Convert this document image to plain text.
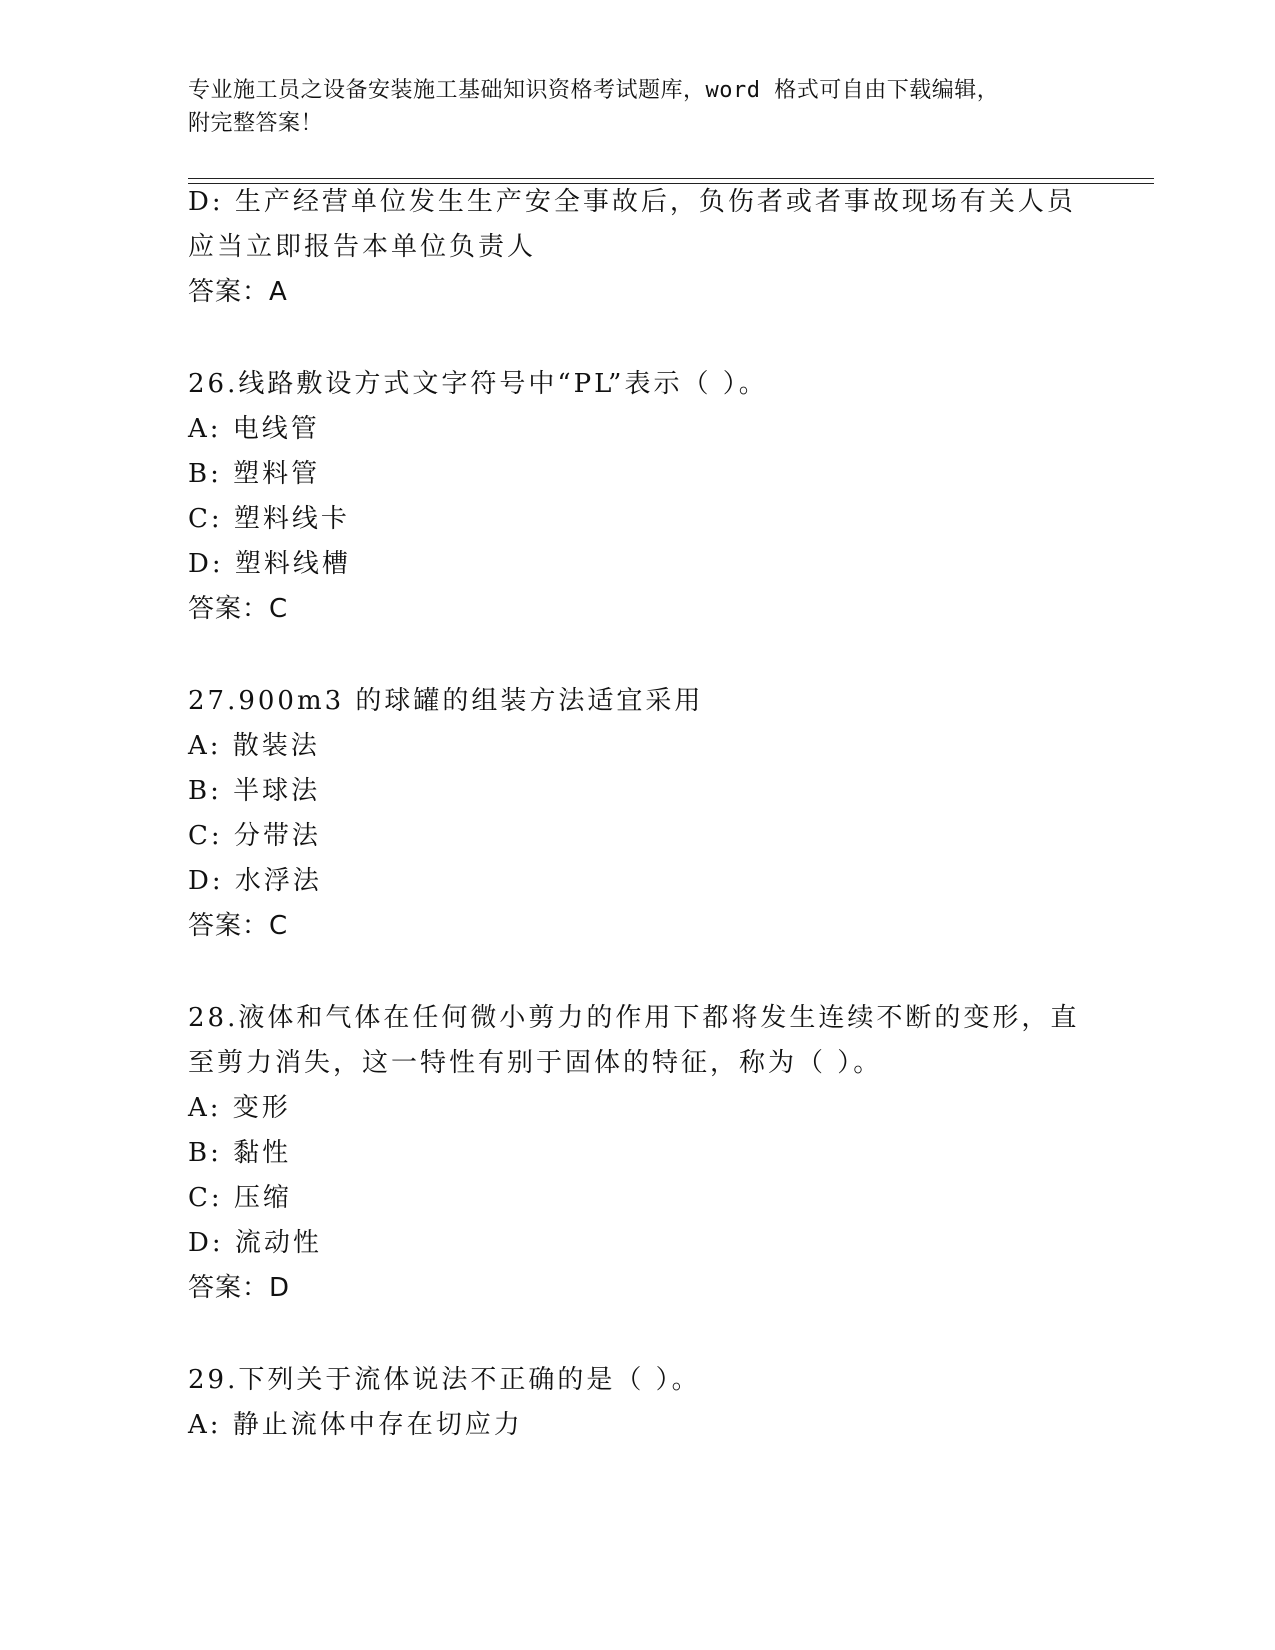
专业施工员之设备安装施工基础知识资格考试题库，word 格式可自由下载编辑，
附完整答案！
D: 生产经营单位发生生产安全事故后，负伤者或者事故现场有关人员
应当立即报告本单位负责人
答案：A
26.线路敷设方式文字符号中“PL”表示（ ）。
A: 电线管
B: 塑料管
C: 塑料线卡
D: 塑料线槽
答案：C
27.900m3 的球罐的组装方法适宜采用
A: 散装法
B: 半球法
C: 分带法
D: 水浮法
答案：C
28.液体和气体在任何微小剪力的作用下都将发生连续不断的变形，直
至剪力消失，这一特性有别于固体的特征，称为（ ）。
A: 变形
B: 黏性
C: 压缩
D: 流动性
答案：D
29.下列关于流体说法不正确的是（ ）。
A: 静止流体中存在切应力
